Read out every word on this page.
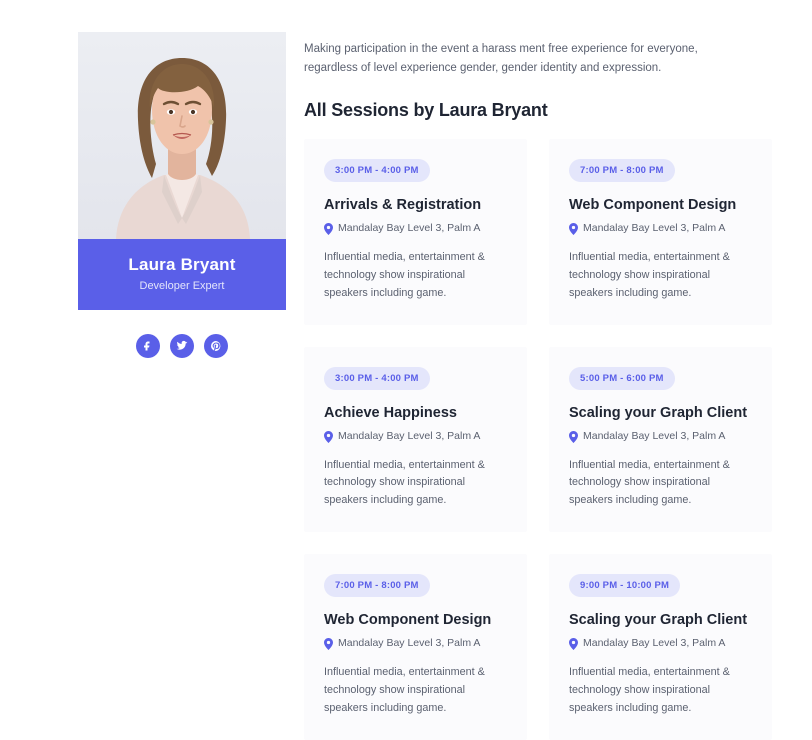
Laura Bryant

Developer Expert

Making participation in the event a harass ment free experience for everyone, regardless of level experience gender, gender identity and expression.

All Sessions by Laura Bryant
3:00 PM - 4:00 PM
Arrivals & Registration
Mandalay Bay Level 3, Palm A

Influential media, entertainment & technology show inspirational speakers including game.

7:00 PM - 8:00 PM
Web Component Design
Mandalay Bay Level 3, Palm A

Influential media, entertainment & technology show inspirational speakers including game.

3:00 PM - 4:00 PM
Achieve Happiness
Mandalay Bay Level 3, Palm A

Influential media, entertainment & technology show inspirational speakers including game.

5:00 PM - 6:00 PM
Scaling your Graph Client
Mandalay Bay Level 3, Palm A

Influential media, entertainment & technology show inspirational speakers including game.

7:00 PM - 8:00 PM
Web Component Design
Mandalay Bay Level 3, Palm A

Influential media, entertainment & technology show inspirational speakers including game.

9:00 PM - 10:00 PM
Scaling your Graph Client
Mandalay Bay Level 3, Palm A

Influential media, entertainment & technology show inspirational speakers including game.
